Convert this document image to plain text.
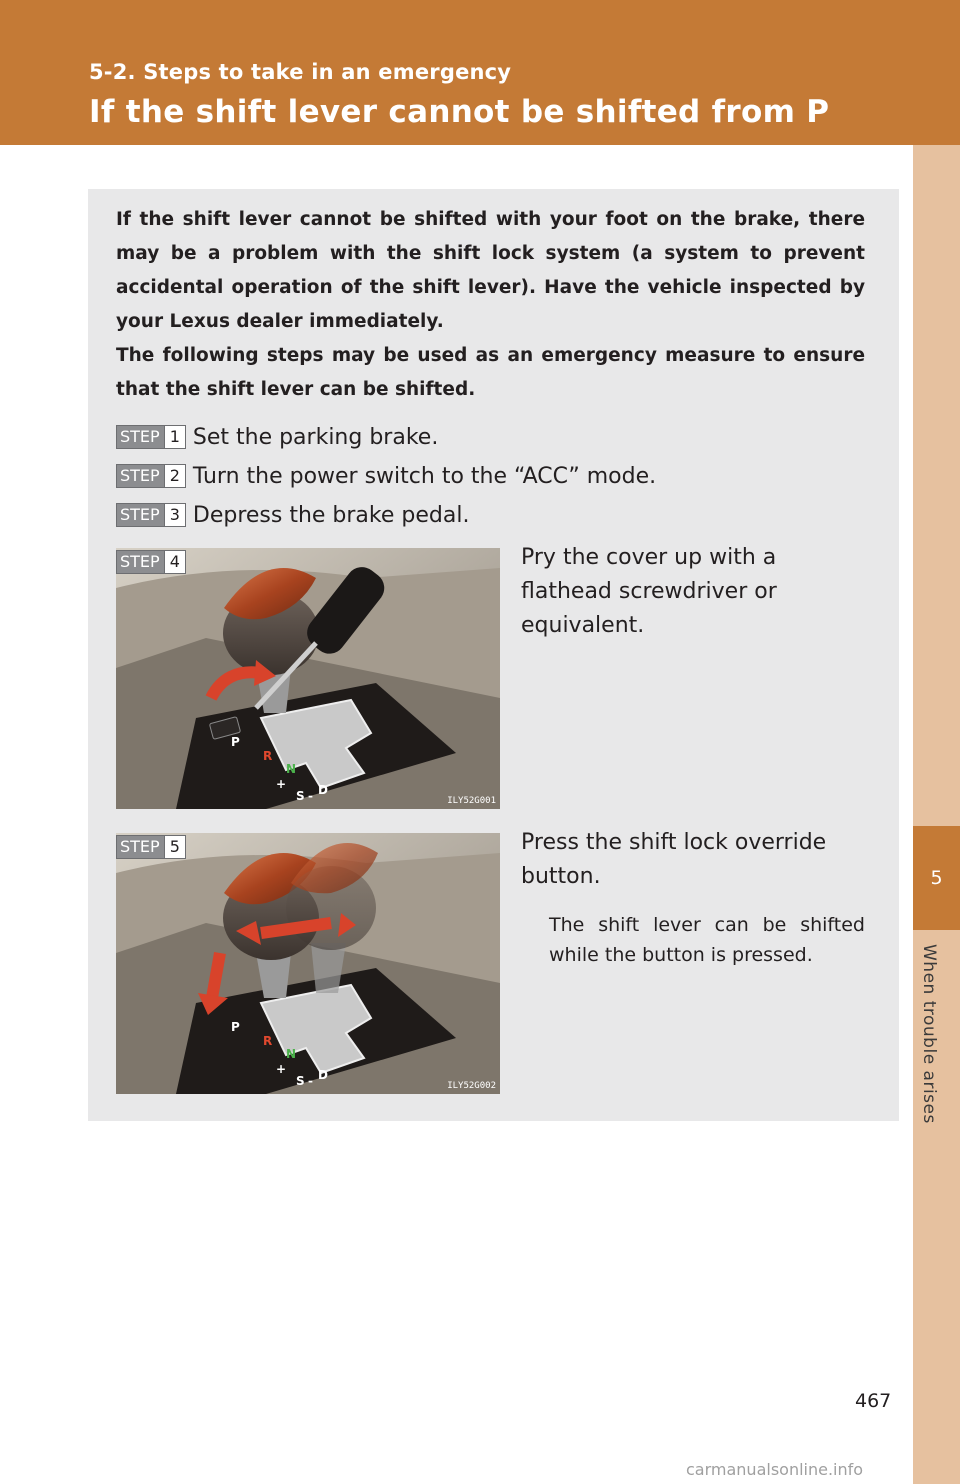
5-2. Steps to take in an emergency
If the shift lever cannot be shifted from P
5
When trouble arises

If the shift lever cannot be shifted with your foot on the brake, there may be a problem with the shift lock system (a system to prevent accidental operation of the shift lever). Have the vehicle inspected by your Lexus dealer immediately.

The following steps may be used as an emergency measure to ensure that the shift lever can be shifted.

STEP 1 Set the parking brake.
STEP 2 Turn the power switch to the “ACC” mode.
STEP 3 Depress the brake pedal.
P
R
N
+
S - D
ILY52G001
STEP 4	Pry the cover up with a flathead screwdriver or equivalent.
P
R
N
+
S - D
ILY52G002
STEP 5	Press the shift lock override button.
The shift lever can be shifted while the button is pressed.
467
carmanualsonline.info
